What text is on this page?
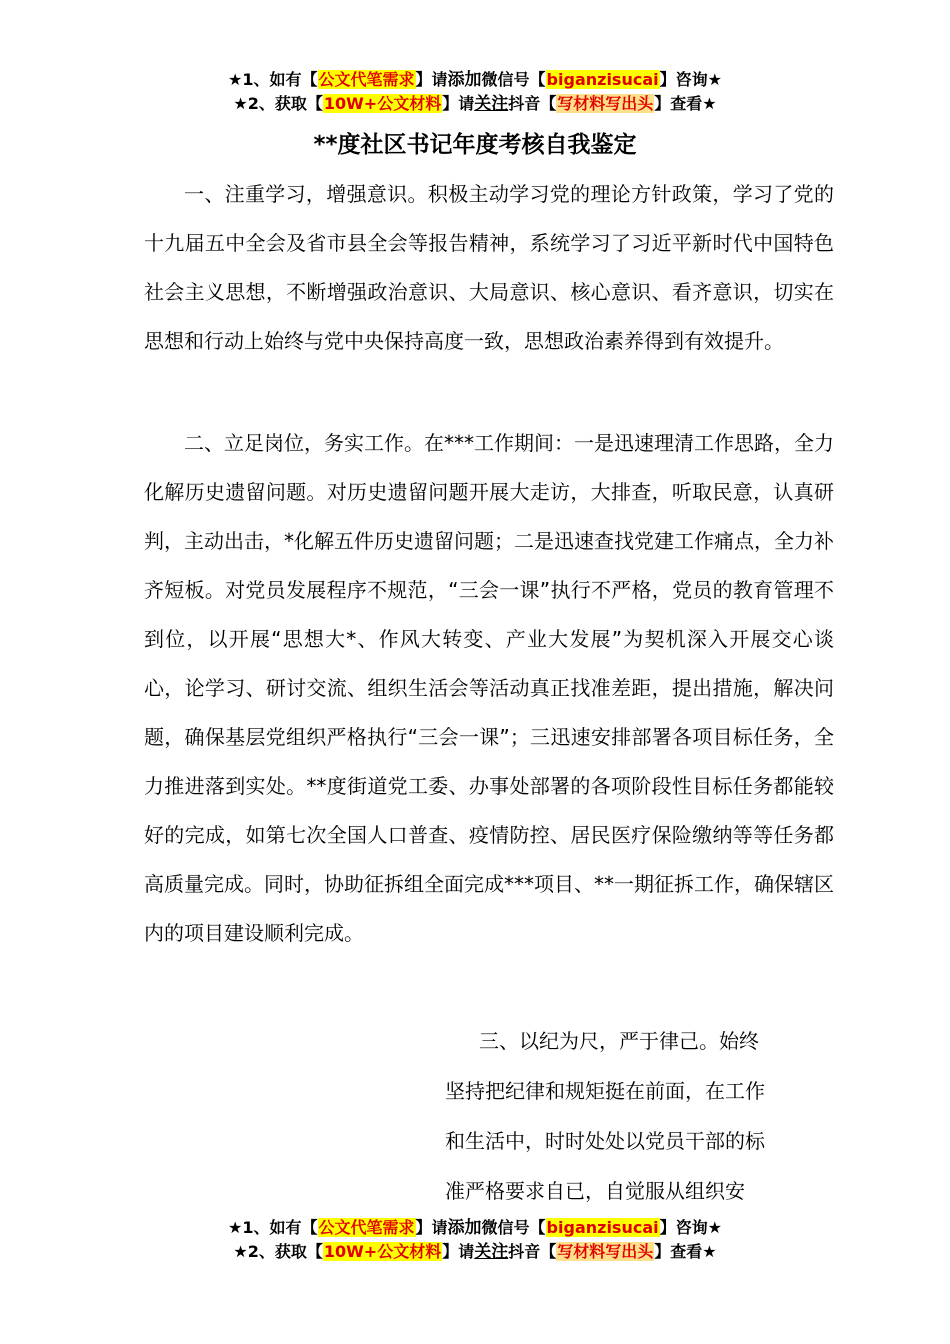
★1、如有【公文代笔需求】请添加微信号【biganzisucai】咨询★
★2、获取【10W+公文材料】请关注抖音【写材料写出头】查看★
**度社区书记年度考核自我鉴定

一、注重学习，增强意识。积极主动学习党的理论方针政策，学习了党的十九届五中全会及省市县全会等报告精神，系统学习了习近平新时代中国特色社会主义思想，不断增强政治意识、大局意识、核心意识、看齐意识，切实在思想和行动上始终与党中央保持高度一致，思想政治素养得到有效提升。

二、立足岗位，务实工作。在***工作期间：一是迅速理清工作思路，全力化解历史遗留问题。对历史遗留问题开展大走访，大排查，听取民意，认真研判，主动出击，*化解五件历史遗留问题；二是迅速查找党建工作痛点，全力补齐短板。对党员发展程序不规范，“三会一课”执行不严格，党员的教育管理不到位，以开展“思想大*、作风大转变、产业大发展”为契机深入开展交心谈心，论学习、研讨交流、组织生活会等活动真正找准差距，提出措施，解决问题，确保基层党组织严格执行“三会一课”；三迅速安排部署各项目标任务，全力推进落到实处。**度街道党工委、办事处部署的各项阶段性目标任务都能较好的完成，如第七次全国人口普查、疫情防控、居民医疗保险缴纳等等任务都高质量完成。同时，协助征拆组全面完成***项目、**一期征拆工作，确保辖区内的项目建设顺利完成。

三、以纪为尺，严于律己。始终
坚持把纪律和规矩挺在前面，在工作
和生活中，时时处处以党员干部的标
准严格要求自已，自觉服从组织安
★1、如有【公文代笔需求】请添加微信号【biganzisucai】咨询★
★2、获取【10W+公文材料】请关注抖音【写材料写出头】查看★
